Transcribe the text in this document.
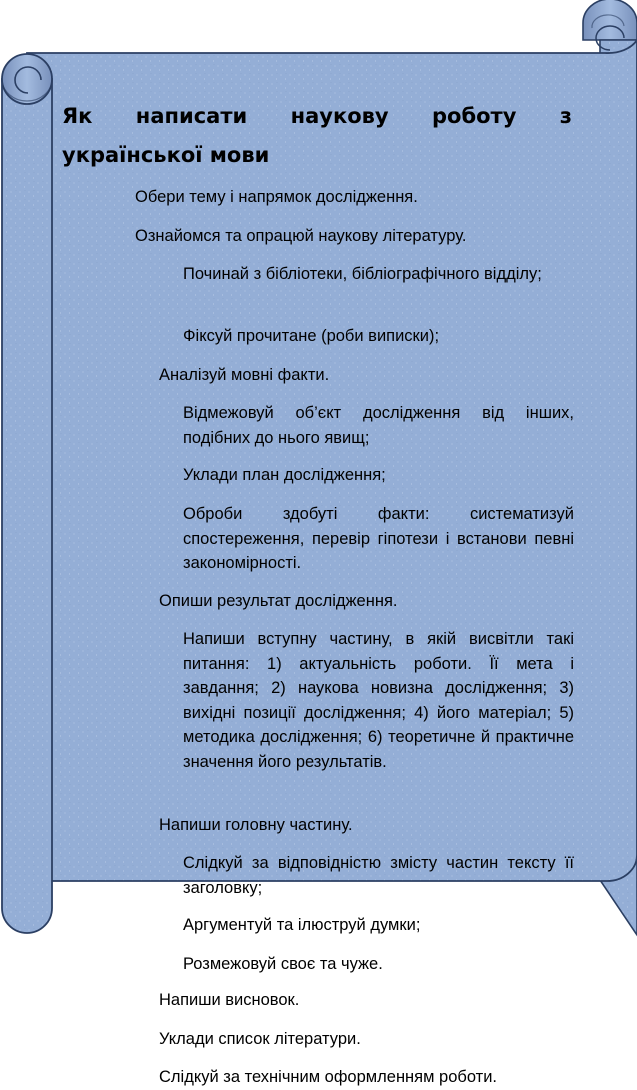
Як написати наукову роботу з
української мови

Обери тему і напрямок дослідження.

Ознайомся та опрацюй наукову літературу.

Починай з бібліотеки, бібліографічного відділу;

Фіксуй прочитане (роби виписки);

Аналізуй мовні факти.

Відмежовуй об’єкт дослідження від інших, подібних до нього явищ;

Уклади план дослідження;

Оброби здобуті факти: систематизуй спостереження, перевір гіпотези і встанови певні закономірності.

Опиши результат дослідження.

Напиши вступну частину, в якій висвітли такі питання: 1) актуальність роботи. Її мета і завдання; 2) наукова новизна дослідження; 3) вихідні позиції дослідження; 4) його матеріал; 5) методика дослідження; 6) теоретичне й практичне значення його результатів.

Напиши головну частину.

Слідкуй за відповідністю змісту частин тексту її заголовку;

Аргументуй та ілюструй думки;

Розмежовуй своє та чуже.

Напиши висновок.

Уклади список літератури.

Слідкуй за технічним оформленням роботи.
